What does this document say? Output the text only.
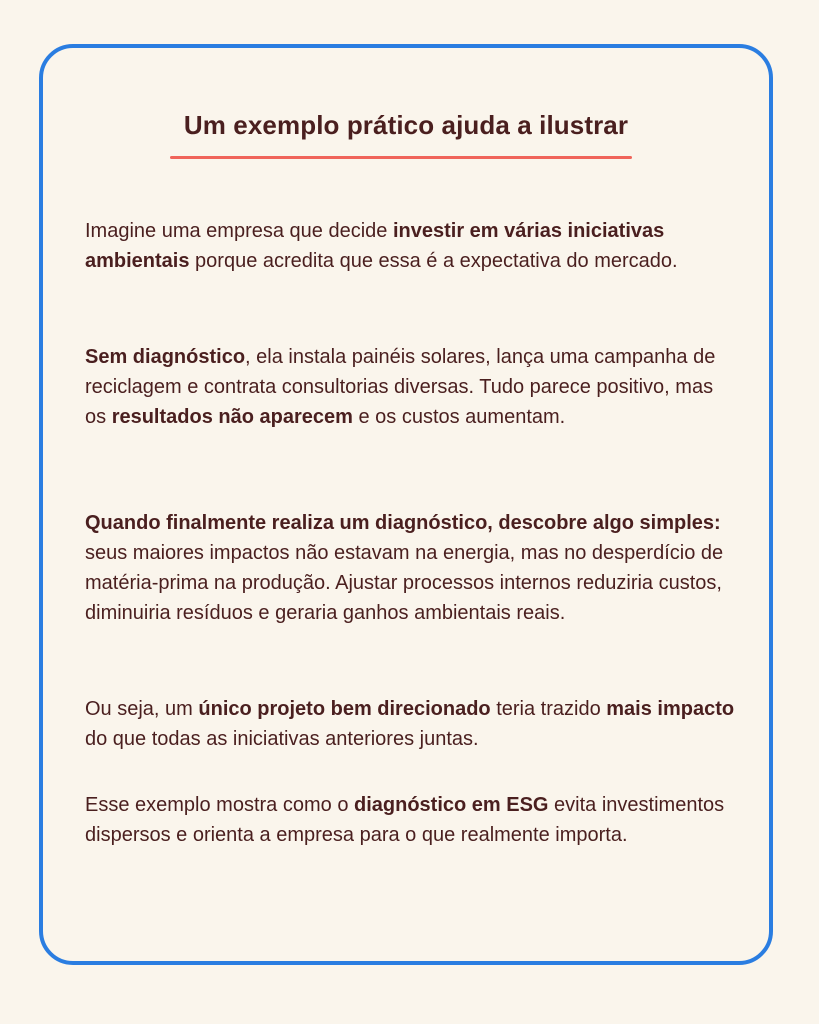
Um exemplo prático ajuda a ilustrar

Imagine uma empresa que decide investir em várias iniciativas ambientais porque acredita que essa é a expectativa do mercado.

Sem diagnóstico, ela instala painéis solares, lança uma campanha de reciclagem e contrata consultorias diversas. Tudo parece positivo, mas os resultados não aparecem e os custos aumentam.

Quando finalmente realiza um diagnóstico, descobre algo simples: seus maiores impactos não estavam na energia, mas no desperdício de matéria-prima na produção. Ajustar processos internos reduziria custos, diminuiria resíduos e geraria ganhos ambientais reais.

Ou seja, um único projeto bem direcionado teria trazido mais impacto do que todas as iniciativas anteriores juntas.

Esse exemplo mostra como o diagnóstico em ESG evita investimentos dispersos e orienta a empresa para o que realmente importa.
